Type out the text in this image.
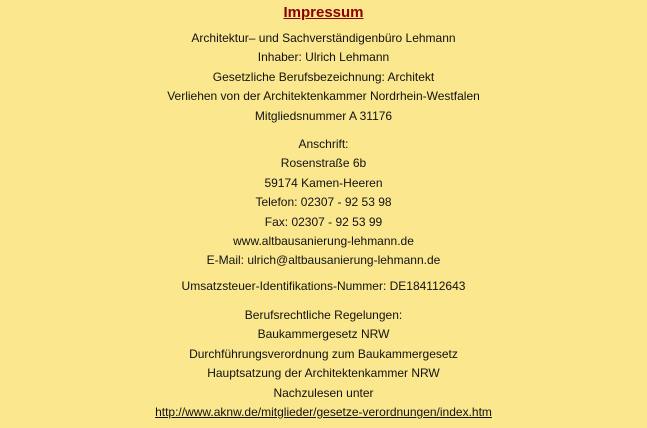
Impressum
Architektur– und Sachverständigenbüro Lehmann
Inhaber: Ulrich Lehmann
Gesetzliche Berufsbezeichnung: Architekt
Verliehen von der Architektenkammer Nordrhein-Westfalen
Mitgliedsnummer A 31176
Anschrift:
Rosenstraße 6b
59174 Kamen-Heeren
Telefon: 02307 - 92 53 98
Fax: 02307 - 92 53 99
www.altbausanierung-lehmann.de
E-Mail: ulrich@altbausanierung-lehmann.de
Umsatzsteuer-Identifikations-Nummer: DE184112643
Berufsrechtliche Regelungen:
Baukammergesetz NRW
Durchführungsverordnung zum Baukammergesetz
Hauptsatzung der Architektenkammer NRW
Nachzulesen unter
http://www.aknw.de/mitglieder/gesetze-verordnungen/index.htm
